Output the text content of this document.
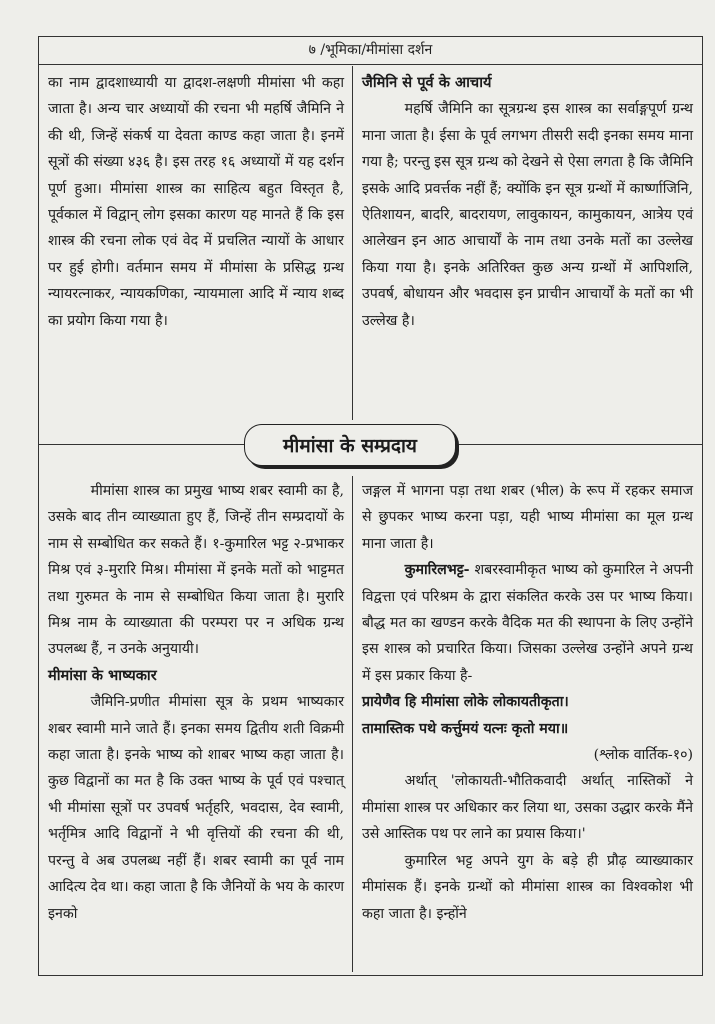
७ /भूमिका/मीमांसा दर्शन

का नाम द्वादशाध्यायी या द्वादश-लक्षणी मीमांसा भी कहा जाता है। अन्य चार अध्यायों की रचना भी महर्षि जैमिनि ने की थी, जिन्हें संकर्ष या देवता काण्ड कहा जाता है। इनमें सूत्रों की संख्या ४३६ है। इस तरह १६ अध्यायों में यह दर्शन पूर्ण हुआ। मीमांसा शास्त्र का साहित्य बहुत विस्तृत है, पूर्वकाल में विद्वान् लोग इसका कारण यह मानते हैं कि इस शास्त्र की रचना लोक एवं वेद में प्रचलित न्यायों के आधार पर हुई होगी। वर्तमान समय में मीमांसा के प्रसिद्ध ग्रन्थ न्यायरत्नाकर, न्यायकणिका, न्यायमाला आदि में न्याय शब्द का प्रयोग किया गया है।

जैमिनि से पूर्व के आचार्य

महर्षि जैमिनि का सूत्रग्रन्थ इस शास्त्र का सर्वाङ्गपूर्ण ग्रन्थ माना जाता है। ईसा के पूर्व लगभग तीसरी सदी इनका समय माना गया है; परन्तु इस सूत्र ग्रन्थ को देखने से ऐसा लगता है कि जैमिनि इसके आदि प्रवर्त्तक नहीं हैं; क्योंकि इन सूत्र ग्रन्थों में कार्ष्णाजिनि, ऐतिशायन, बादरि, बादरायण, लावुकायन, कामुकायन, आत्रेय एवं आलेखन इन आठ आचार्यों के नाम तथा उनके मतों का उल्लेख किया गया है। इनके अतिरिक्त कुछ अन्य ग्रन्थों में आपिशलि, उपवर्ष, बोधायन और भवदास इन प्राचीन आचार्यों के मतों का भी उल्लेख है।

मीमांसा के सम्प्रदाय

मीमांसा शास्त्र का प्रमुख भाष्य शबर स्वामी का है, उसके बाद तीन व्याख्याता हुए हैं, जिन्हें तीन सम्प्रदायों के नाम से सम्बोधित कर सकते हैं। १-कुमारिल भट्ट २-प्रभाकर मिश्र एवं ३-मुरारि मिश्र। मीमांसा में इनके मतों को भाट्टमत तथा गुरुमत के नाम से सम्बोधित किया जाता है। मुरारि मिश्र नाम के व्याख्याता की परम्परा पर न अधिक ग्रन्थ उपलब्ध हैं, न उनके अनुयायी।

मीमांसा के भाष्यकार

जैमिनि-प्रणीत मीमांसा सूत्र के प्रथम भाष्यकार शबर स्वामी माने जाते हैं। इनका समय द्वितीय शती विक्रमी कहा जाता है। इनके भाष्य को शाबर भाष्य कहा जाता है। कुछ विद्वानों का मत है कि उक्त भाष्य के पूर्व एवं पश्चात् भी मीमांसा सूत्रों पर उपवर्ष भर्तृहरि, भवदास, देव स्वामी, भर्तृमित्र आदि विद्वानों ने भी वृत्तियों की रचना की थी, परन्तु वे अब उपलब्ध नहीं हैं। शबर स्वामी का पूर्व नाम आदित्य देव था। कहा जाता है कि जैनियों के भय के कारण इनको

जङ्गल में भागना पड़ा तथा शबर (भील) के रूप में रहकर समाज से छुपकर भाष्य करना पड़ा, यही भाष्य मीमांसा का मूल ग्रन्थ माना जाता है।

कुमारिलभट्ट- शबरस्वामीकृत भाष्य को कुमारिल ने अपनी विद्वत्ता एवं परिश्रम के द्वारा संकलित करके उस पर भाष्य किया। बौद्ध मत का खण्डन करके वैदिक मत की स्थापना के लिए उन्होंने इस शास्त्र को प्रचारित किया। जिसका उल्लेख उन्होंने अपने ग्रन्थ में इस प्रकार किया है-

प्रायेणैव हि मीमांसा लोके लोकायतीकृता।

तामास्तिक पथे कर्त्तुमयं यत्नः कृतो मया॥

(श्लोक वार्तिक-१०)

अर्थात् 'लोकायती-भौतिकवादी अर्थात् नास्तिकों ने मीमांसा शास्त्र पर अधिकार कर लिया था, उसका उद्धार करके मैंने उसे आस्तिक पथ पर लाने का प्रयास किया।'

कुमारिल भट्ट अपने युग के बड़े ही प्रौढ़ व्याख्याकार मीमांसक हैं। इनके ग्रन्थों को मीमांसा शास्त्र का विश्वकोश भी कहा जाता है। इन्होंने
